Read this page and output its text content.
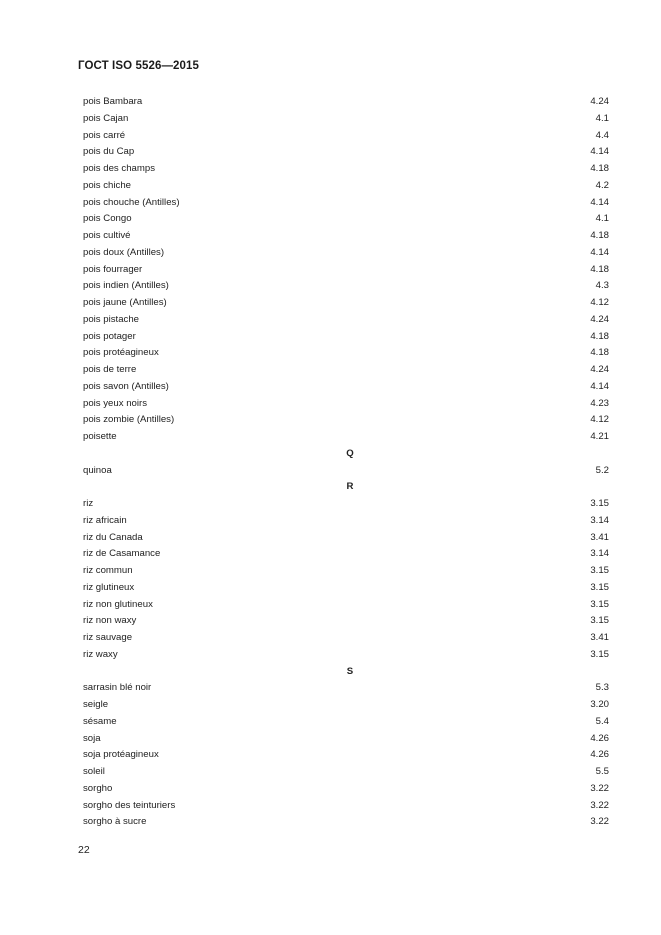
ГОСТ ISO 5526—2015
pois Bambara	4.24
pois Cajan	4.1
pois carré	4.4
pois du Cap	4.14
pois des champs	4.18
pois chiche	4.2
pois chouche (Antilles)	4.14
pois Congo	4.1
pois cultivé	4.18
pois doux (Antilles)	4.14
pois fourrager	4.18
pois indien (Antilles)	4.3
pois jaune (Antilles)	4.12
pois pistache	4.24
pois potager	4.18
pois protéagineux	4.18
pois de terre	4.24
pois savon (Antilles)	4.14
pois yeux noirs	4.23
pois zombie (Antilles)	4.12
poisette	4.21
Q
quinoa	5.2
R
riz	3.15
riz africain	3.14
riz du Canada	3.41
riz de Casamance	3.14
riz commun	3.15
riz glutineux	3.15
riz non glutineux	3.15
riz non waxy	3.15
riz sauvage	3.41
riz waxy	3.15
S
sarrasin blé noir	5.3
seigle	3.20
sésame	5.4
soja	4.26
soja protéagineux	4.26
soleil	5.5
sorgho	3.22
sorgho des teinturiers	3.22
sorgho à sucre	3.22
22
